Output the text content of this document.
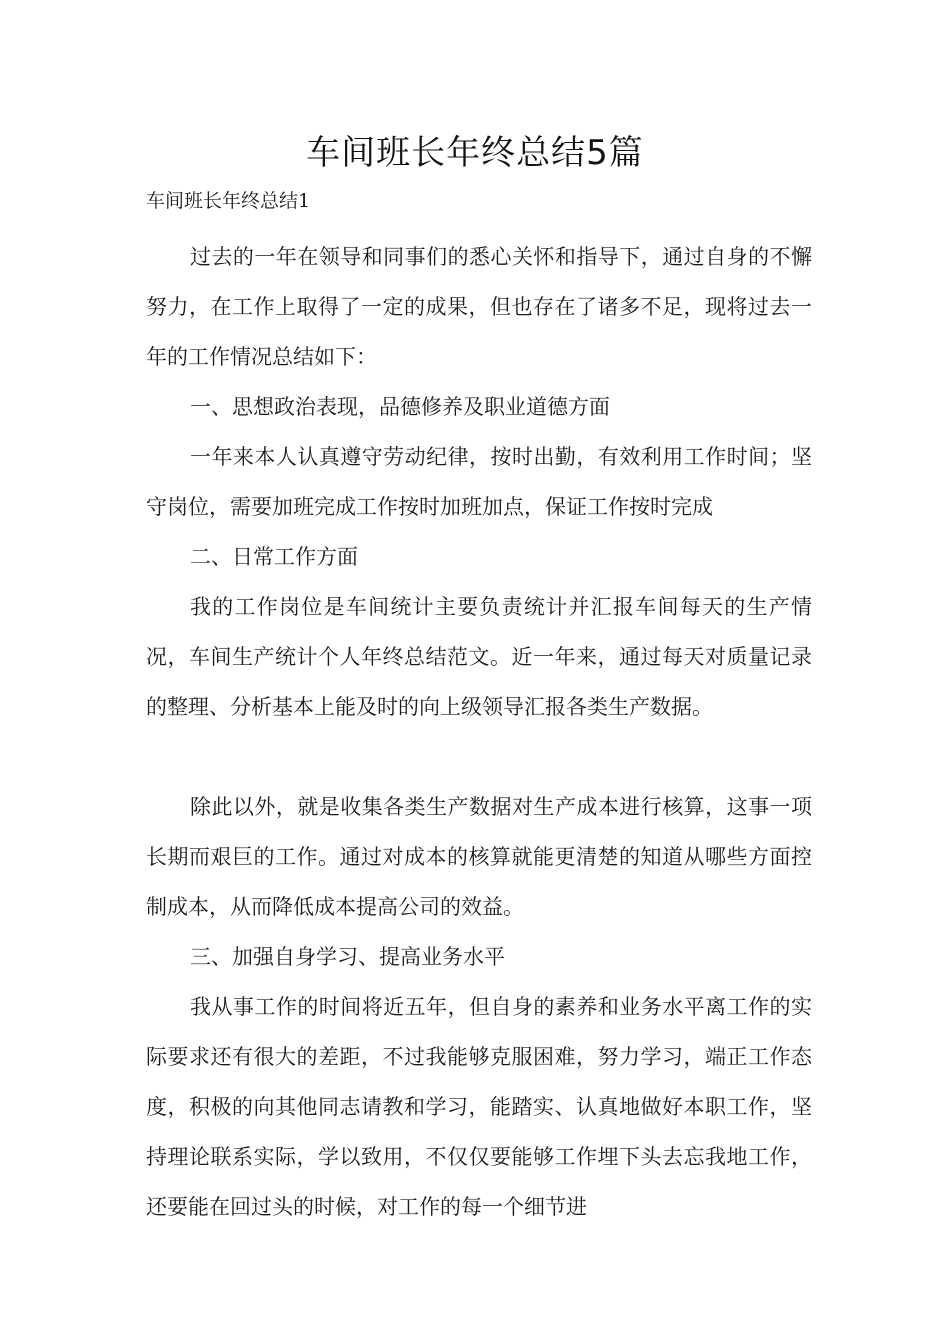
车间班长年终总结5篇

车间班长年终总结1

过去的一年在领导和同事们的悉心关怀和指导下，通过自身的不懈努力，在工作上取得了一定的成果，但也存在了诸多不足，现将过去一年的工作情况总结如下：

一、思想政治表现，品德修养及职业道德方面

一年来本人认真遵守劳动纪律，按时出勤，有效利用工作时间；坚守岗位，需要加班完成工作按时加班加点，保证工作按时完成

二、日常工作方面

我的工作岗位是车间统计主要负责统计并汇报车间每天的生产情况，车间生产统计个人年终总结范文。近一年来，通过每天对质量记录的整理、分析基本上能及时的向上级领导汇报各类生产数据。

除此以外，就是收集各类生产数据对生产成本进行核算，这事一项长期而艰巨的工作。通过对成本的核算就能更清楚的知道从哪些方面控制成本，从而降低成本提高公司的效益。

三、加强自身学习、提高业务水平

我从事工作的时间将近五年，但自身的素养和业务水平离工作的实际要求还有很大的差距，不过我能够克服困难，努力学习，端正工作态度，积极的向其他同志请教和学习，能踏实、认真地做好本职工作，坚持理论联系实际，学以致用，不仅仅要能够工作埋下头去忘我地工作，还要能在回过头的时候，对工作的每一个细节进
